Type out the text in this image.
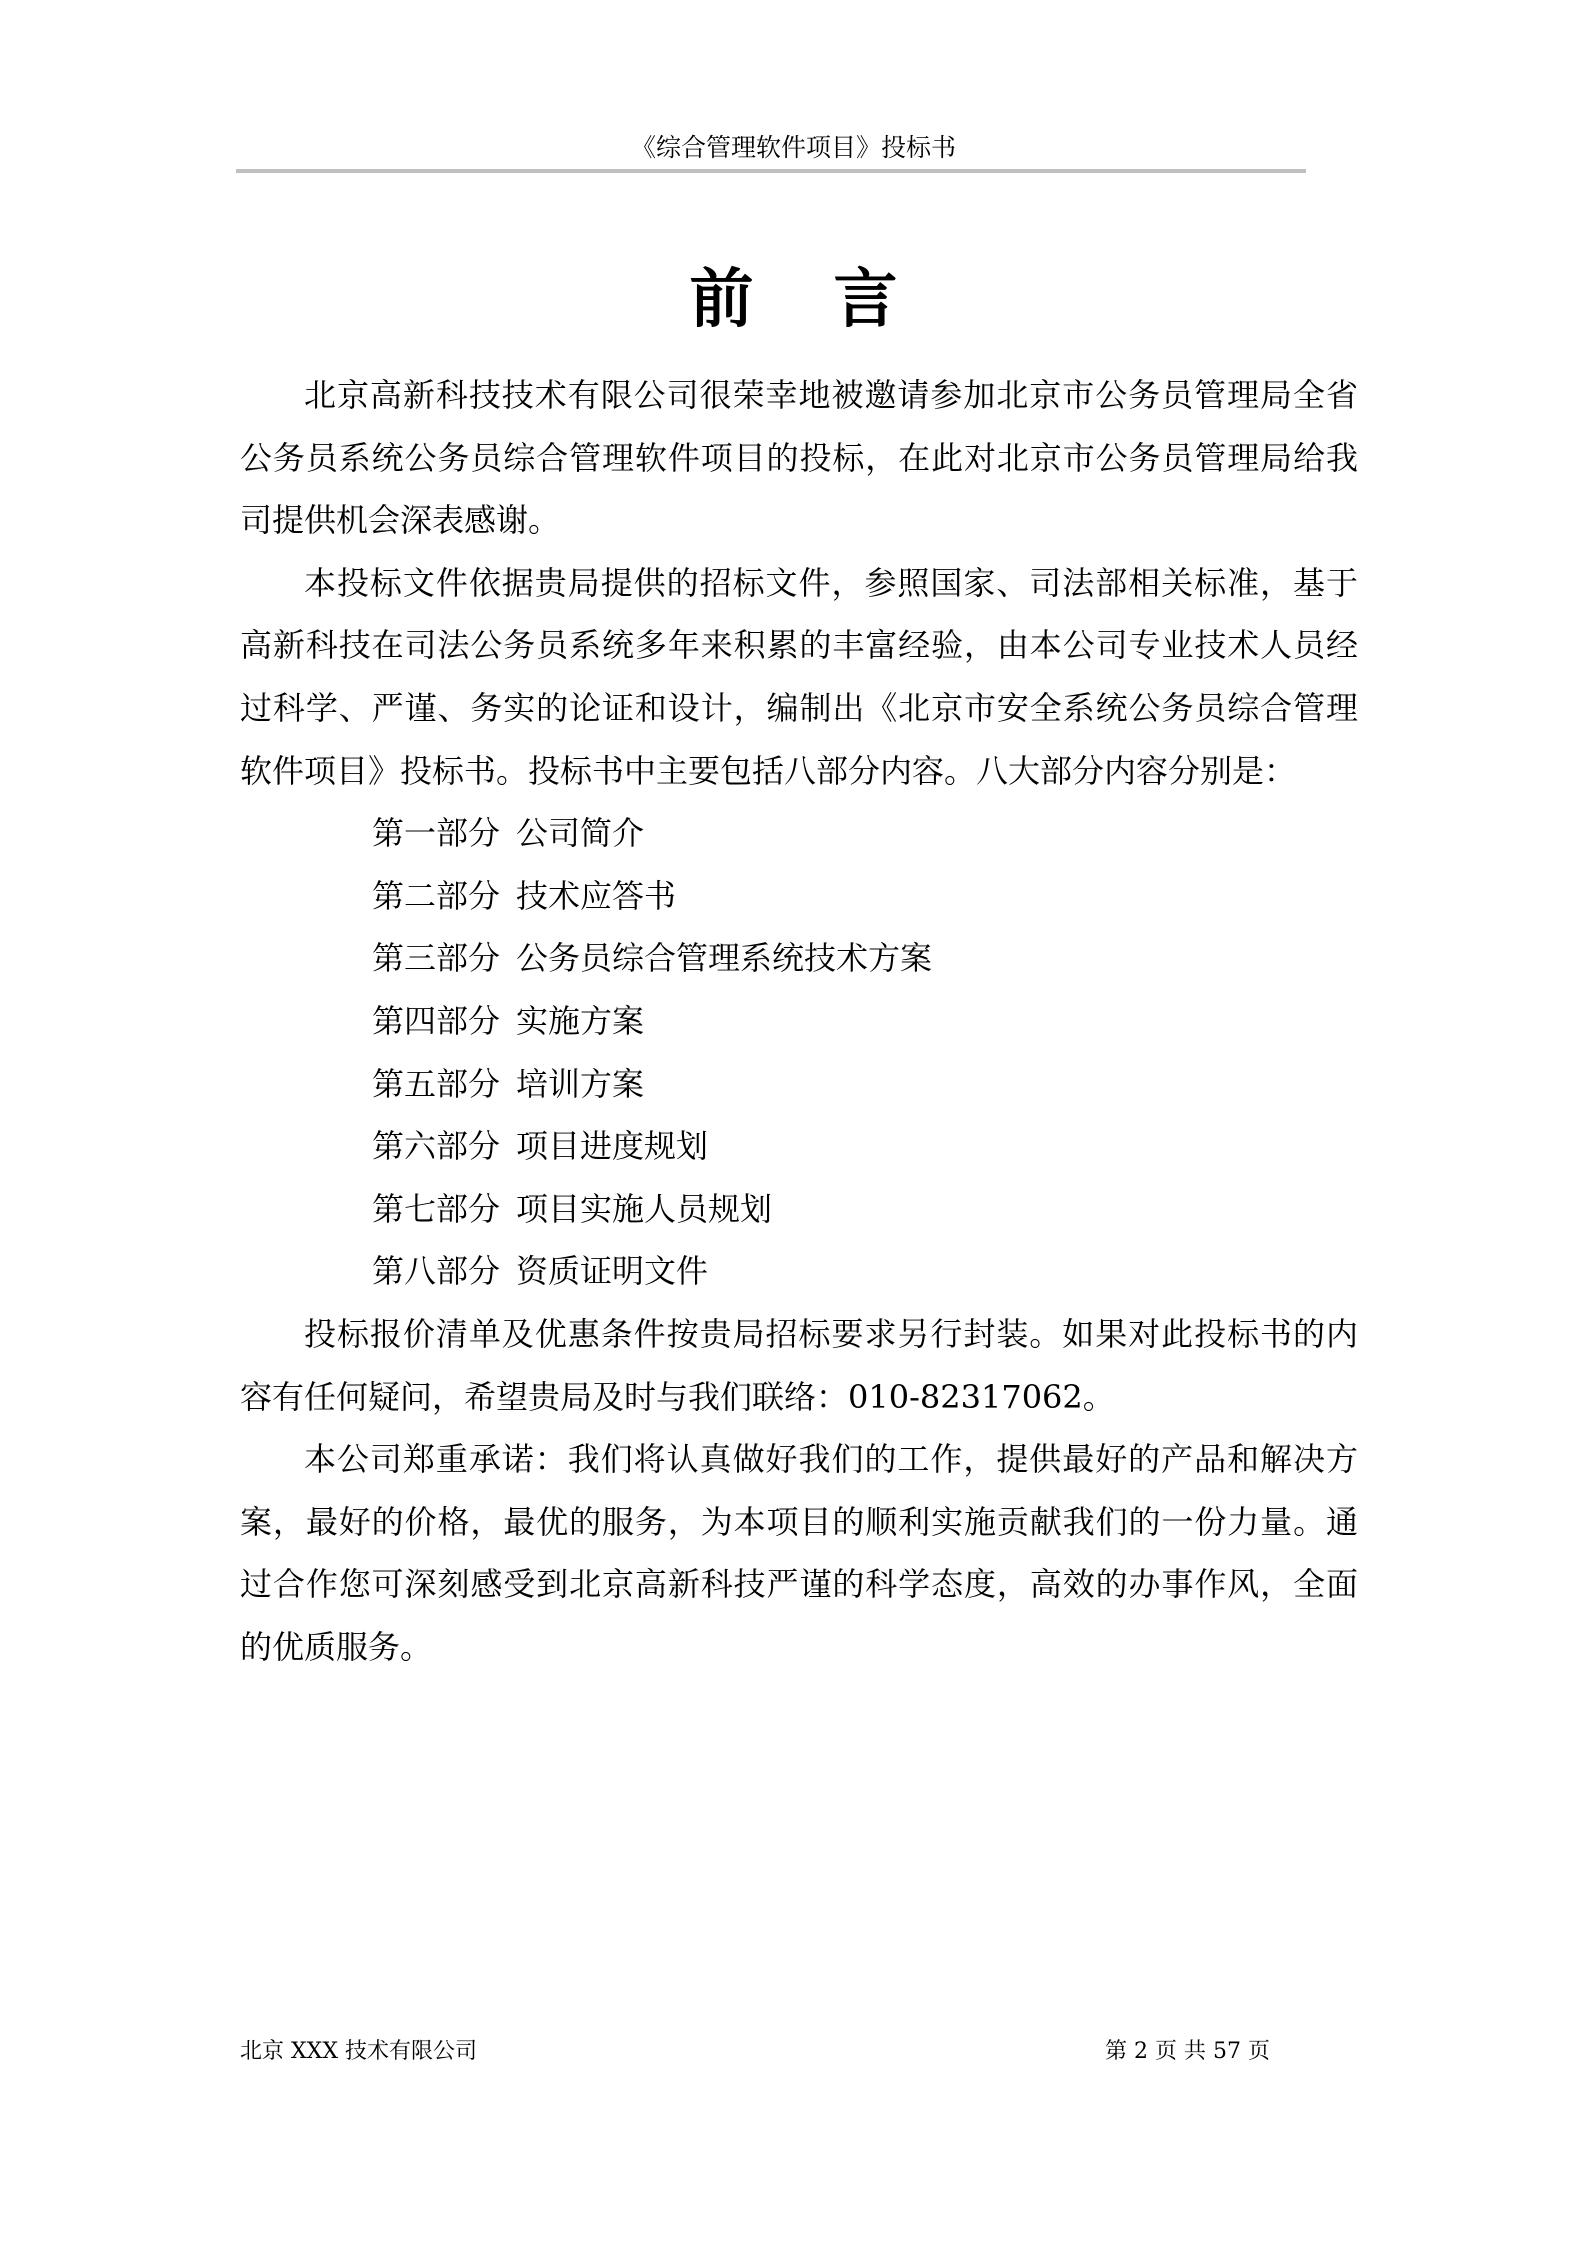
《综合管理软件项目》投标书
前言

北京高新科技技术有限公司很荣幸地被邀请参加北京市公务员管理局全省公务员系统公务员综合管理软件项目的投标，在此对北京市公务员管理局给我司提供机会深表感谢。

本投标文件依据贵局提供的招标文件，参照国家、司法部相关标准，基于高新科技在司法公务员系统多年来积累的丰富经验，由本公司专业技术人员经过科学、严谨、务实的论证和设计，编制出《北京市安全系统公务员综合管理软件项目》投标书。投标书中主要包括八部分内容。八大部分内容分别是：

第一部分 公司简介

第二部分 技术应答书

第三部分 公务员综合管理系统技术方案

第四部分 实施方案

第五部分 培训方案

第六部分 项目进度规划

第七部分 项目实施人员规划

第八部分 资质证明文件

投标报价清单及优惠条件按贵局招标要求另行封装。如果对此投标书的内容有任何疑问，希望贵局及时与我们联络：010-82317062。

本公司郑重承诺：我们将认真做好我们的工作，提供最好的产品和解决方案，最好的价格，最优的服务，为本项目的顺利实施贡献我们的一份力量。通过合作您可深刻感受到北京高新科技严谨的科学态度，高效的办事作风，全面的优质服务。

北京 XXX 技术有限公司	第 2 页 共 57 页
